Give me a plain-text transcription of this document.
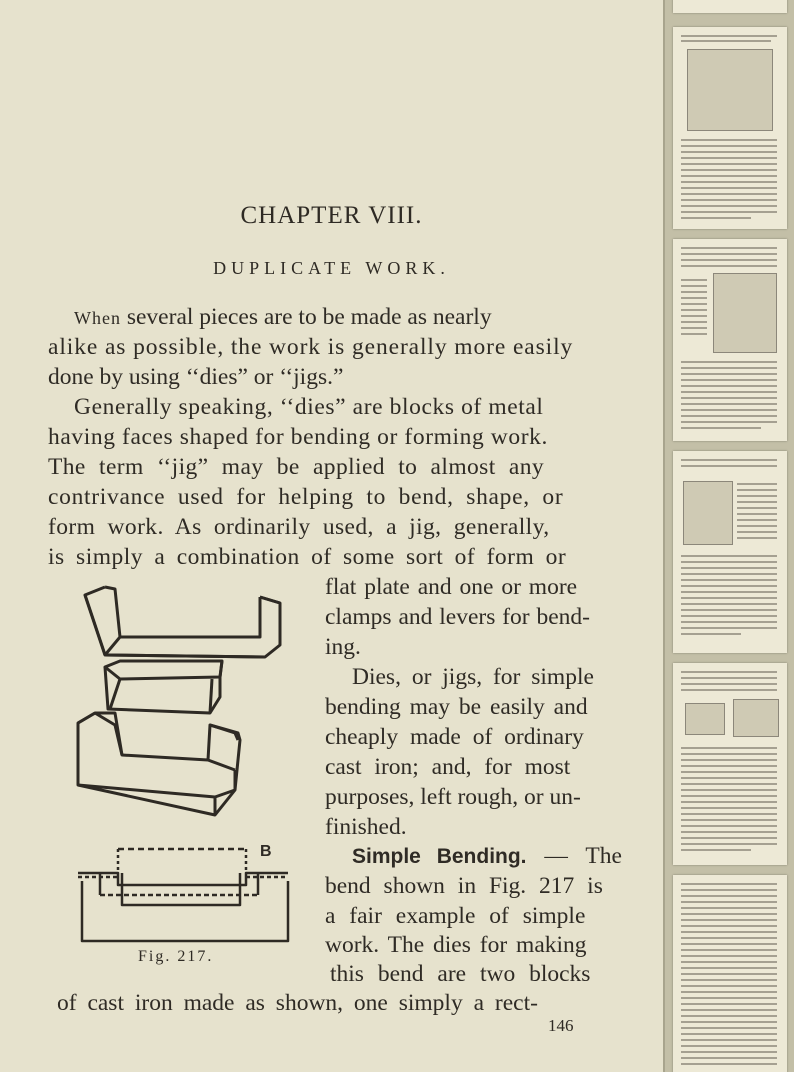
CHAPTER VIII.
DUPLICATE WORK.
When several pieces are to be made as nearly
alike as possible, the work is generally more easily
done by using ‘‘dies” or ‘‘jigs.”
Generally speaking, ‘‘dies” are blocks of metal
having faces shaped for bending or forming work.
The term ‘‘jig” may be applied to almost any
contrivance used for helping to bend, shape, or
form work. As ordinarily used, a jig, generally,
is simply a combination of some sort of form or
flat plate and one or more
clamps and levers for bend-
ing.
Dies, or jigs, for simple
bending may be easily and
cheaply made of ordinary
cast iron; and, for most
purposes, left rough, or un-
finished.
Simple Bending. — The
bend shown in Fig. 217 is
a fair example of simple
work. The dies for making
this bend are two blocks
of cast iron made as shown, one simply a rect-
B
Fig. 217.
146
